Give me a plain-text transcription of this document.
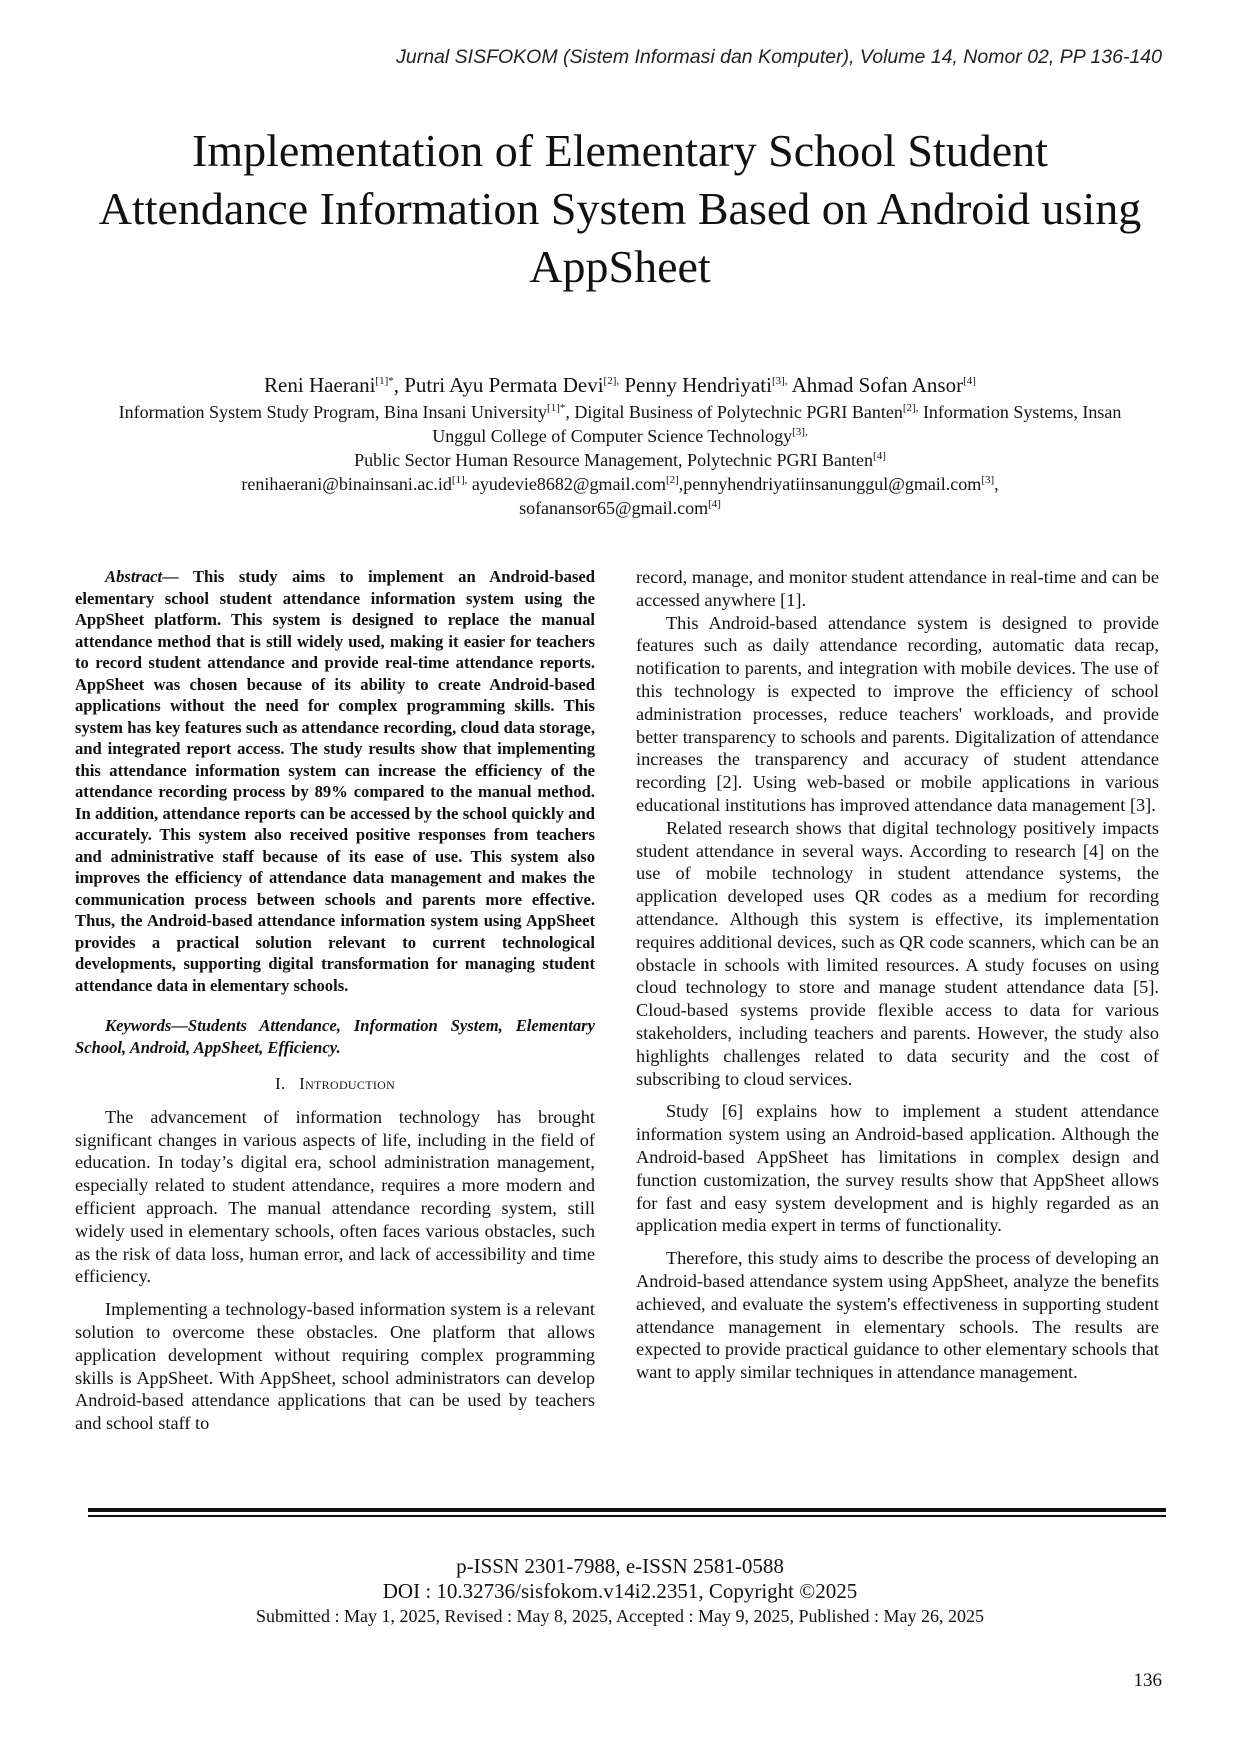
Jurnal SISFOKOM (Sistem Informasi dan Komputer), Volume 14, Nomor 02, PP 136-140
Implementation of Elementary School Student Attendance Information System Based on Android using AppSheet
Reni Haerani$^{[1]*}$, Putri Ayu Permata Devi$^{[2],}$ Penny Hendriyati$^{[3],}$ Ahmad Sofan Ansor[4]
Information System Study Program, Bina Insani University$^{[1]*}$, Digital Business of Polytechnic PGRI Banten$^{[2],}$ Information Systems, Insan Unggul College of Computer Science Technology$^{[3],}$
Public Sector Human Resource Management, Polytechnic PGRI Banten[4]
$renihaerani@binainsani.ac.id^{[1],}$ ayudevie8682@gmail.com[2],pennyhendriyatiinsanunggul@gmail.com[3],
sofanansor65@gmail.com[4]

Abstract— This study aims to implement an Android-based elementary school student attendance information system using the AppSheet platform. This system is designed to replace the manual attendance method that is still widely used, making it easier for teachers to record student attendance and provide real-time attendance reports. AppSheet was chosen because of its ability to create Android-based applications without the need for complex programming skills. This system has key features such as attendance recording, cloud data storage, and integrated report access. The study results show that implementing this attendance information system can increase the efficiency of the attendance recording process by 89% compared to the manual method. In addition, attendance reports can be accessed by the school quickly and accurately. This system also received positive responses from teachers and administrative staff because of its ease of use. This system also improves the efficiency of attendance data management and makes the communication process between schools and parents more effective. Thus, the Android-based attendance information system using AppSheet provides a practical solution relevant to current technological developments, supporting digital transformation for managing student attendance data in elementary schools.

Keywords—Students Attendance, Information System, Elementary School, Android, AppSheet, Efficiency.

I. Introduction

The advancement of information technology has brought significant changes in various aspects of life, including in the field of education. In today’s digital era, school administration management, especially related to student attendance, requires a more modern and efficient approach. The manual attendance recording system, still widely used in elementary schools, often faces various obstacles, such as the risk of data loss, human error, and lack of accessibility and time efficiency.

Implementing a technology-based information system is a relevant solution to overcome these obstacles. One platform that allows application development without requiring complex programming skills is AppSheet. With AppSheet, school administrators can develop Android-based attendance applications that can be used by teachers and school staff to

record, manage, and monitor student attendance in real-time and can be accessed anywhere [1].

This Android-based attendance system is designed to provide features such as daily attendance recording, automatic data recap, notification to parents, and integration with mobile devices. The use of this technology is expected to improve the efficiency of school administration processes, reduce teachers' workloads, and provide better transparency to schools and parents. Digitalization of attendance increases the transparency and accuracy of student attendance recording [2]. Using web-based or mobile applications in various educational institutions has improved attendance data management [3].

Related research shows that digital technology positively impacts student attendance in several ways. According to research [4] on the use of mobile technology in student attendance systems, the application developed uses QR codes as a medium for recording attendance. Although this system is effective, its implementation requires additional devices, such as QR code scanners, which can be an obstacle in schools with limited resources. A study focuses on using cloud technology to store and manage student attendance data [5]. Cloud-based systems provide flexible access to data for various stakeholders, including teachers and parents. However, the study also highlights challenges related to data security and the cost of subscribing to cloud services.

Study [6] explains how to implement a student attendance information system using an Android-based application. Although the Android-based AppSheet has limitations in complex design and function customization, the survey results show that AppSheet allows for fast and easy system development and is highly regarded as an application media expert in terms of functionality.

Therefore, this study aims to describe the process of developing an Android-based attendance system using AppSheet, analyze the benefits achieved, and evaluate the system's effectiveness in supporting student attendance management in elementary schools. The results are expected to provide practical guidance to other elementary schools that want to apply similar techniques in attendance management.

p-ISSN 2301-7988, e-ISSN 2581-0588
DOI : 10.32736/sisfokom.v14i2.2351, Copyright ©2025
Submitted : May 1, 2025, Revised : May 8, 2025, Accepted : May 9, 2025, Published : May 26, 2025
136
